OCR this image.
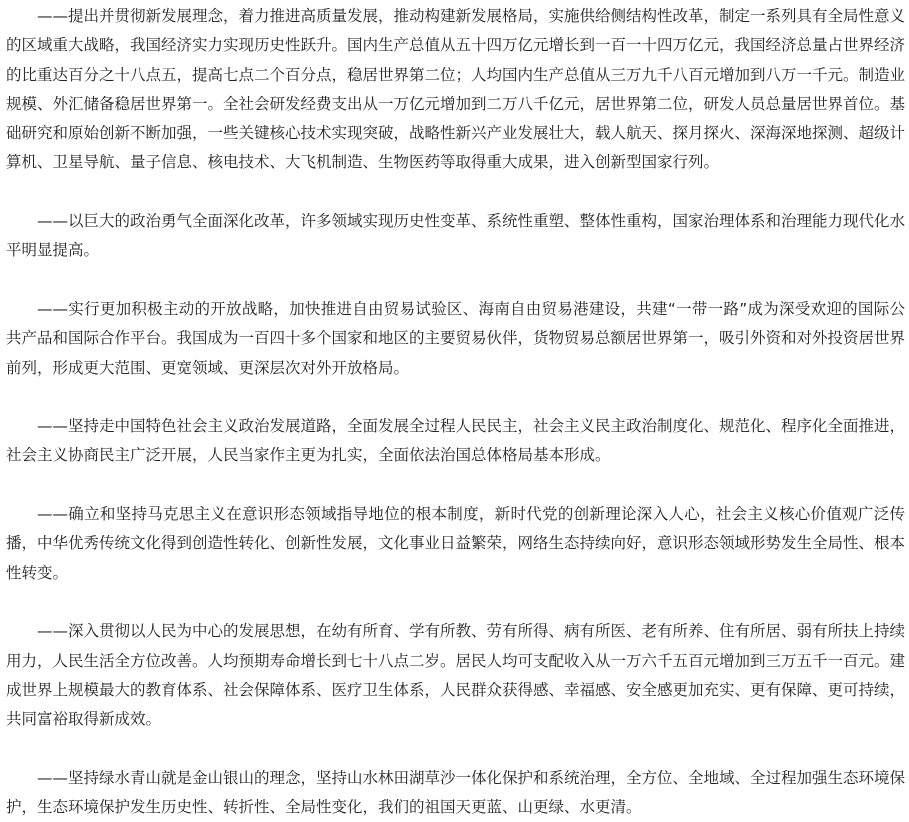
——提出并贯彻新发展理念，着力推进高质量发展，推动构建新发展格局，实施供给侧结构性改革，制定一系列具有全局性意义的区域重大战略，我国经济实力实现历史性跃升。国内生产总值从五十四万亿元增长到一百一十四万亿元，我国经济总量占世界经济的比重达百分之十八点五，提高七点二个百分点，稳居世界第二位；人均国内生产总值从三万九千八百元增加到八万一千元。制造业规模、外汇储备稳居世界第一。全社会研发经费支出从一万亿元增加到二万八千亿元，居世界第二位，研发人员总量居世界首位。基础研究和原始创新不断加强，一些关键核心技术实现突破，战略性新兴产业发展壮大，载人航天、探月探火、深海深地探测、超级计算机、卫星导航、量子信息、核电技术、大飞机制造、生物医药等取得重大成果，进入创新型国家行列。

——以巨大的政治勇气全面深化改革，许多领域实现历史性变革、系统性重塑、整体性重构，国家治理体系和治理能力现代化水平明显提高。

——实行更加积极主动的开放战略，加快推进自由贸易试验区、海南自由贸易港建设，共建“一带一路”成为深受欢迎的国际公共产品和国际合作平台。我国成为一百四十多个国家和地区的主要贸易伙伴，货物贸易总额居世界第一，吸引外资和对外投资居世界前列，形成更大范围、更宽领域、更深层次对外开放格局。

——坚持走中国特色社会主义政治发展道路，全面发展全过程人民民主，社会主义民主政治制度化、规范化、程序化全面推进，社会主义协商民主广泛开展，人民当家作主更为扎实，全面依法治国总体格局基本形成。

——确立和坚持马克思主义在意识形态领域指导地位的根本制度，新时代党的创新理论深入人心，社会主义核心价值观广泛传播，中华优秀传统文化得到创造性转化、创新性发展，文化事业日益繁荣，网络生态持续向好，意识形态领域形势发生全局性、根本性转变。

——深入贯彻以人民为中心的发展思想，在幼有所育、学有所教、劳有所得、病有所医、老有所养、住有所居、弱有所扶上持续用力，人民生活全方位改善。人均预期寿命增长到七十八点二岁。居民人均可支配收入从一万六千五百元增加到三万五千一百元。建成世界上规模最大的教育体系、社会保障体系、医疗卫生体系，人民群众获得感、幸福感、安全感更加充实、更有保障、更可持续，共同富裕取得新成效。

——坚持绿水青山就是金山银山的理念，坚持山水林田湖草沙一体化保护和系统治理，全方位、全地域、全过程加强生态环境保护，生态环境保护发生历史性、转折性、全局性变化，我们的祖国天更蓝、山更绿、水更清。
